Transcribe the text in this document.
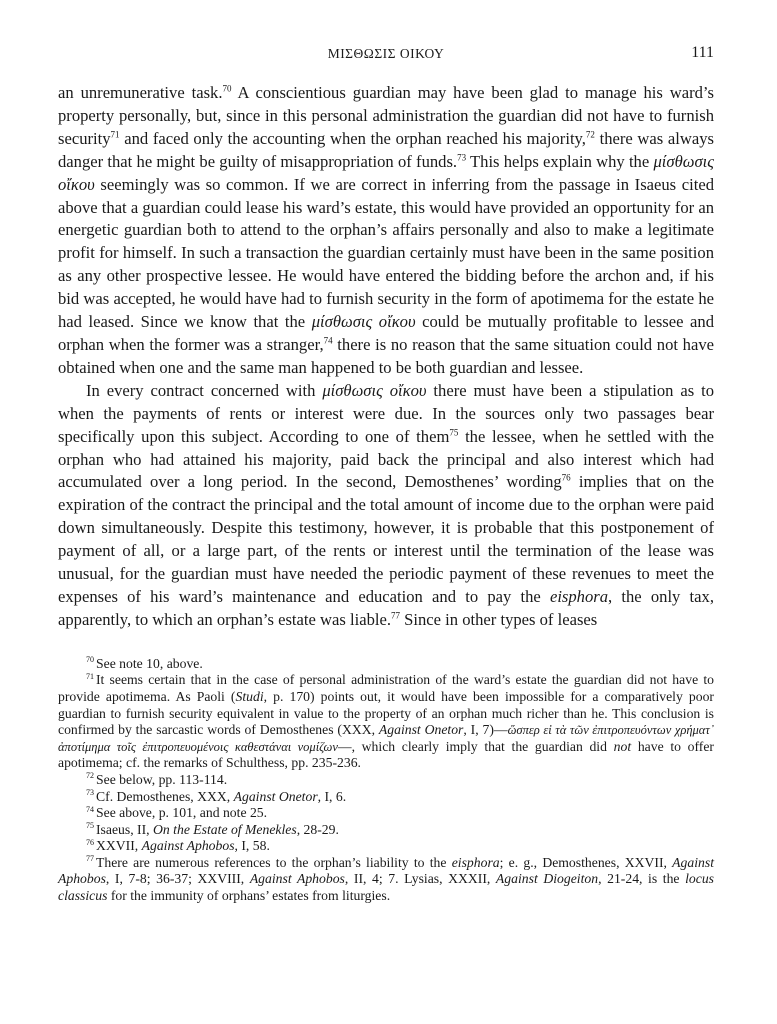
ΜΙΣΘΩΣΙΣ ΟΙΚΟΥ	111

an unremunerative task.$^{70}$ A conscientious guardian may have been glad to manage his ward’s property personally, but, since in this personal administration the guardian did not have to furnish security$^{71}$ and faced only the accounting when the orphan reached his majority,$^{72}$ there was always danger that he might be guilty of misappropriation of funds.$^{73}$ This helps explain why the μίσθωσις οἴκου seemingly was so common. If we are correct in inferring from the passage in Isaeus cited above that a guardian could lease his ward’s estate, this would have provided an opportunity for an energetic guardian both to attend to the orphan’s affairs personally and also to make a legitimate profit for himself. In such a transaction the guardian certainly must have been in the same position as any other prospective lessee. He would have entered the bidding before the archon and, if his bid was accepted, he would have had to furnish security in the form of apotimema for the estate he had leased. Since we know that the μίσθωσις οἴκου could be mutually profitable to lessee and orphan when the former was a stranger,$^{74}$ there is no reason that the same situation could not have obtained when one and the same man happened to be both guardian and lessee.

In every contract concerned with μίσθωσις οἴκου there must have been a stipulation as to when the payments of rents or interest were due. In the sources only two passages bear specifically upon this subject. According to one of them$^{75}$ the lessee, when he settled with the orphan who had attained his majority, paid back the principal and also interest which had accumulated over a long period. In the second, Demosthenes’ wording$^{76}$ implies that on the expiration of the contract the principal and the total amount of income due to the orphan were paid down simultaneously. Despite this testimony, however, it is probable that this postponement of payment of all, or a large part, of the rents or interest until the termination of the lease was unusual, for the guardian must have needed the periodic payment of these revenues to meet the expenses of his ward’s maintenance and education and to pay the eisphora, the only tax, apparently, to which an orphan’s estate was liable.$^{77}$ Since in other types of leases

$^{70}$ See note 10, above.

$^{71}$ It seems certain that in the case of personal administration of the ward’s estate the guardian did not have to provide apotimema. As Paoli (Studi, p. 170) points out, it would have been impossible for a comparatively poor guardian to furnish security equivalent in value to the property of an orphan much richer than he. This conclusion is confirmed by the sarcastic words of Demosthenes (XXX, Against Onetor, I, 7)—ὥσπερ εἰ τὰ τῶν ἐπιτροπευόντων χρήματ᾽ ἀποτίμημα τοῖς ἐπιτροπευομένοις καθεστάναι νομίζων—, which clearly imply that the guardian did not have to offer apotimema; cf. the remarks of Schulthess, pp. 235-236.

$^{72}$ See below, pp. 113-114.

$^{73}$ Cf. Demosthenes, XXX, Against Onetor, I, 6.

$^{74}$ See above, p. 101, and note 25.

$^{75}$ Isaeus, II, On the Estate of Menekles, 28-29.

$^{76}$ XXVII, Against Aphobos, I, 58.

$^{77}$ There are numerous references to the orphan’s liability to the eisphora; e. g., Demosthenes, XXVII, Against Aphobos, I, 7-8; 36-37; XXVIII, Against Aphobos, II, 4; 7. Lysias, XXXII, Against Diogeiton, 21-24, is the locus classicus for the immunity of orphans’ estates from liturgies.
